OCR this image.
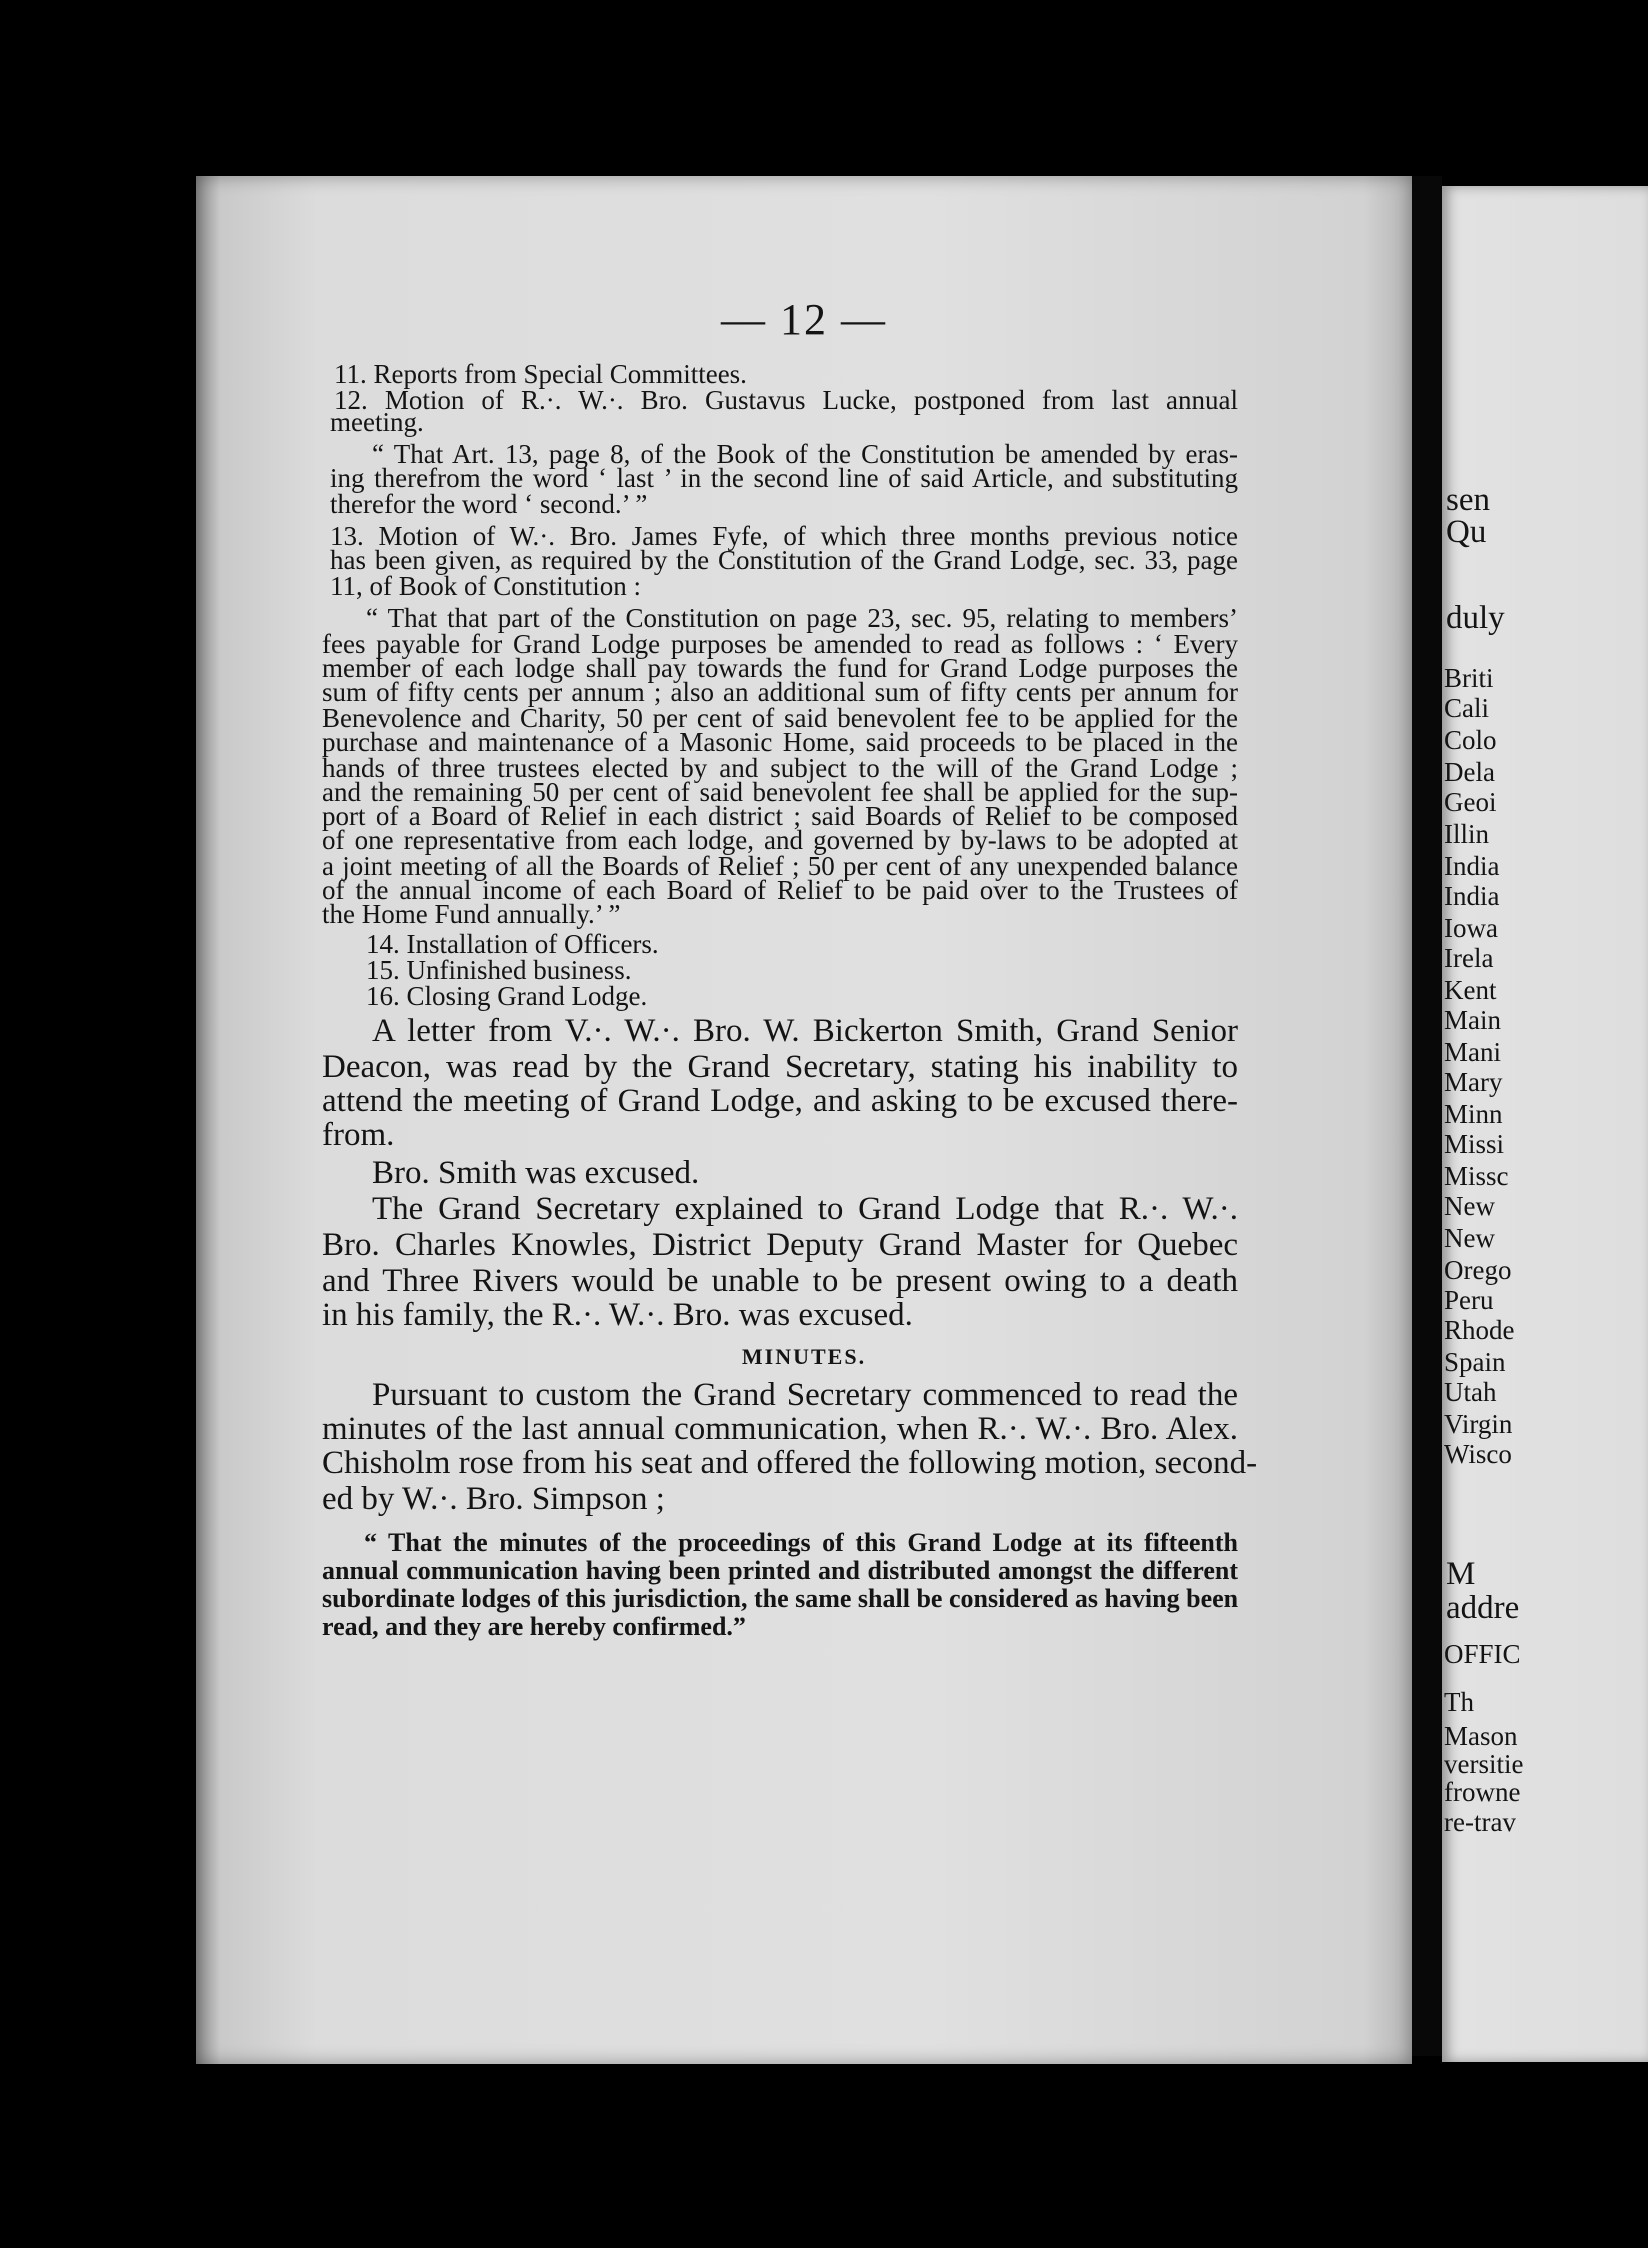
— 12 —
11. Reports from Special Committees.
12. Motion of R.·. W.·. Bro. Gustavus Lucke, postponed from last annual
meeting.
“ That Art. 13, page 8, of the Book of the Constitution be amended by eras-
ing therefrom the word ‘ last ’ in the second line of said Article, and substituting
therefor the word ‘ second.’ ”
13. Motion of W.·. Bro. James Fyfe, of which three months previous notice
has been given, as required by the Constitution of the Grand Lodge, sec. 33, page
11, of Book of Constitution :
“ That that part of the Constitution on page 23, sec. 95, relating to members’
fees payable for Grand Lodge purposes be amended to read as follows : ‘ Every
member of each lodge shall pay towards the fund for Grand Lodge purposes the
sum of fifty cents per annum ; also an additional sum of fifty cents per annum for
Benevolence and Charity, 50 per cent of said benevolent fee to be applied for the
purchase and maintenance of a Masonic Home, said proceeds to be placed in the
hands of three trustees elected by and subject to the will of the Grand Lodge ;
and the remaining 50 per cent of said benevolent fee shall be applied for the sup-
port of a Board of Relief in each district ; said Boards of Relief to be composed
of one representative from each lodge, and governed by by-laws to be adopted at
a joint meeting of all the Boards of Relief ; 50 per cent of any unexpended balance
of the annual income of each Board of Relief to be paid over to the Trustees of
the Home Fund annually.’ ”
14. Installation of Officers.
15. Unfinished business.
16. Closing Grand Lodge.
A letter from V.·. W.·. Bro. W. Bickerton Smith, Grand Senior
Deacon, was read by the Grand Secretary, stating his inability to
attend the meeting of Grand Lodge, and asking to be excused there-
from.
Bro. Smith was excused.
The Grand Secretary explained to Grand Lodge that R.·. W.·.
Bro. Charles Knowles, District Deputy Grand Master for Quebec
and Three Rivers would be unable to be present owing to a death
in his family, the R.·. W.·. Bro. was excused.
MINUTES.
Pursuant to custom the Grand Secretary commenced to read the
minutes of the last annual communication, when R.·. W.·. Bro. Alex.
Chisholm rose from his seat and offered the following motion, second-
ed by W.·. Bro. Simpson ;
“ That the minutes of the proceedings of this Grand Lodge at its fifteenth
annual communication having been printed and distributed amongst the different
subordinate lodges of this jurisdiction, the same shall be considered as having been
read, and they are hereby confirmed.”
sen
Qu
duly
Briti
Cali
Colo
Dela
Geoi
Illin
India
India
Iowa
Irela
Kent
Main
Mani
Mary
Minn
Missi
Missc
New
New
Orego
Peru
Rhode
Spain
Utah
Virgin
Wisco
M
addre
OFFIC
Th
Mason
versitie
frowne
re-trav
